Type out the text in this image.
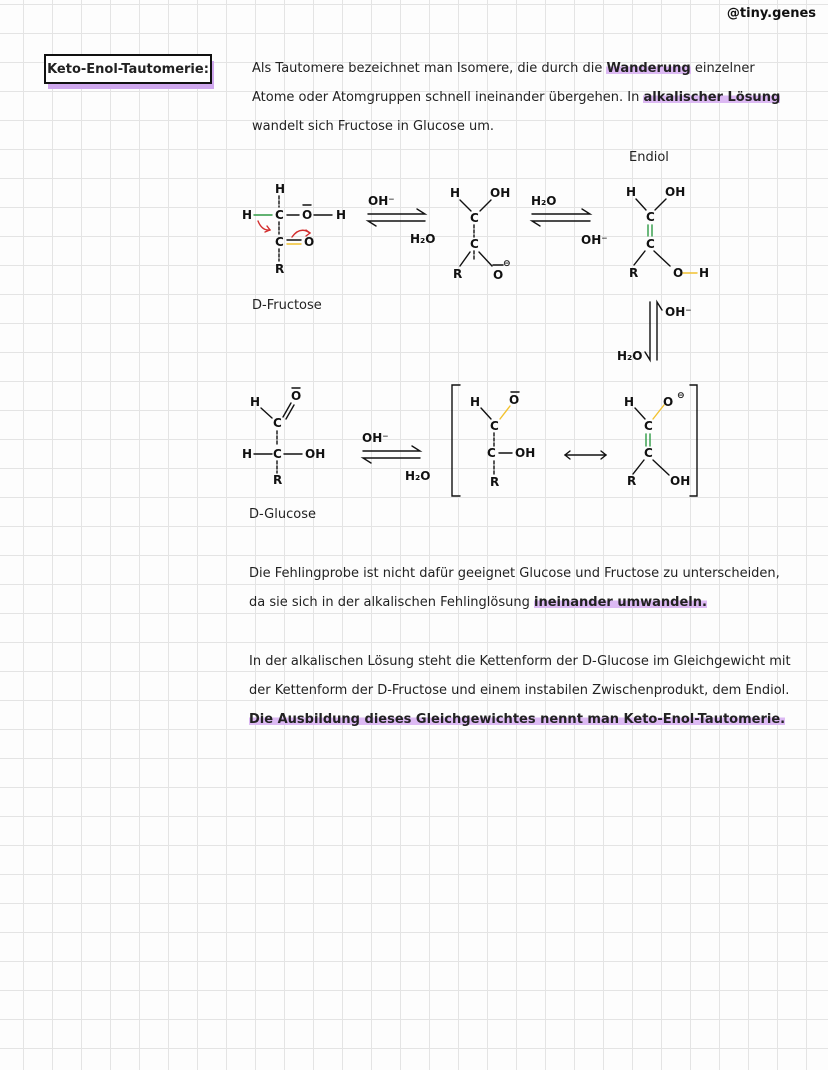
@tiny.genes
Keto-Enol-Tautomerie:	Als Tautomere bezeichnet man Isomere, die durch die Wanderung einzelner Atome oder Atomgruppen schnell ineinander übergehen. In alkalischer Lösung wandelt sich Fructose in Glucose um.
Endiol
D-Fructose
D-Glucose
H
H C O H
C O
R
H OH
C
C
R	O
⊖
H OH
C
C
R	O H
H	O
C
H C OH
R
H O
C
C OH
R
H O ⊖
C
C
R	OH
OH⁻
H₂O
H₂O
OH⁻
OH⁻
H₂O
OH⁻
H₂O
Die Fehlingprobe ist nicht dafür geeignet Glucose und Fructose zu unterscheiden, da sie sich in der alkalischen Fehlinglösung ineinander umwandeln.
In der alkalischen Lösung steht die Kettenform der D-Glucose im Gleichgewicht mit der Kettenform der D-Fructose und einem instabilen Zwischenprodukt, dem Endiol. Die Ausbildung dieses Gleichgewichtes nennt man Keto-Enol-Tautomerie.
